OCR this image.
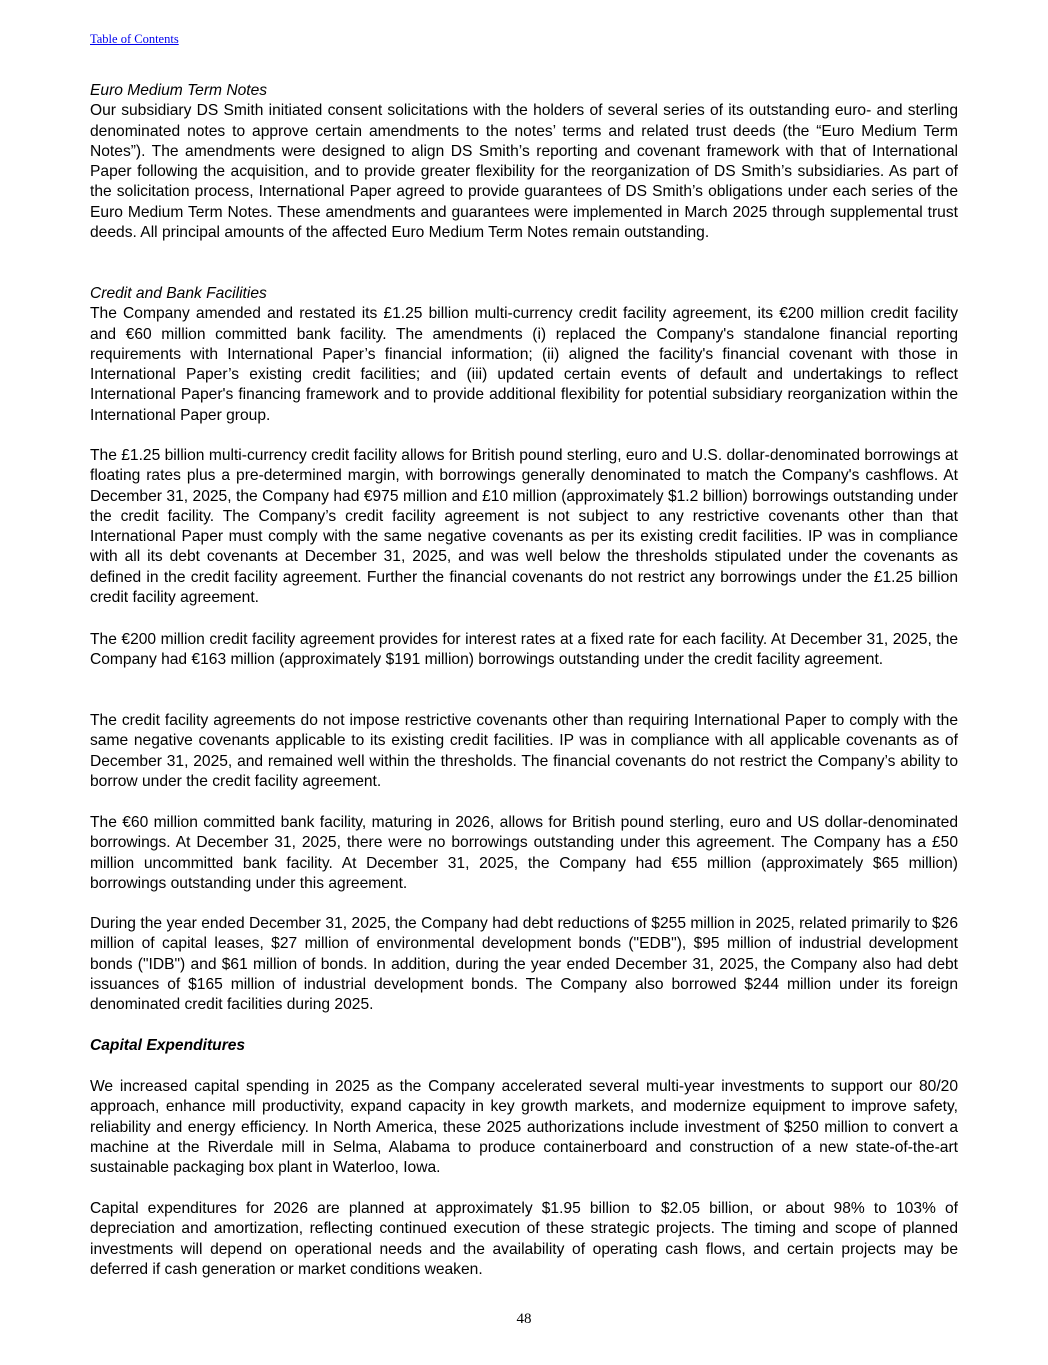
Table of Contents

Euro Medium Term Notes

Our subsidiary DS Smith initiated consent solicitations with the holders of several series of its outstanding euro- and sterling denominated notes to approve certain amendments to the notes’ terms and related trust deeds (the “Euro Medium Term Notes”). The amendments were designed to align DS Smith’s reporting and covenant framework with that of International Paper following the acquisition, and to provide greater flexibility for the reorganization of DS Smith’s subsidiaries. As part of the solicitation process, International Paper agreed to provide guarantees of DS Smith’s obligations under each series of the Euro Medium Term Notes. These amendments and guarantees were implemented in March 2025 through supplemental trust deeds. All principal amounts of the affected Euro Medium Term Notes remain outstanding.

Credit and Bank Facilities

The Company amended and restated its £1.25 billion multi-currency credit facility agreement, its €200 million credit facility and €60 million committed bank facility. The amendments (i) replaced the Company's standalone financial reporting requirements with International Paper’s financial information; (ii) aligned the facility's financial covenant with those in International Paper’s existing credit facilities; and (iii) updated certain events of default and undertakings to reflect International Paper's financing framework and to provide additional flexibility for potential subsidiary reorganization within the International Paper group.

The £1.25 billion multi-currency credit facility allows for British pound sterling, euro and U.S. dollar-denominated borrowings at floating rates plus a pre-determined margin, with borrowings generally denominated to match the Company's cashflows. At December 31, 2025, the Company had €975 million and £10 million (approximately $1.2 billion) borrowings outstanding under the credit facility. The Company’s credit facility agreement is not subject to any restrictive covenants other than that International Paper must comply with the same negative covenants as per its existing credit facilities. IP was in compliance with all its debt covenants at December 31, 2025, and was well below the thresholds stipulated under the covenants as defined in the credit facility agreement. Further the financial covenants do not restrict any borrowings under the £1.25 billion credit facility agreement.

The €200 million credit facility agreement provides for interest rates at a fixed rate for each facility. At December 31, 2025, the Company had €163 million (approximately $191 million) borrowings outstanding under the credit facility agreement.

The credit facility agreements do not impose restrictive covenants other than requiring International Paper to comply with the same negative covenants applicable to its existing credit facilities. IP was in compliance with all applicable covenants as of December 31, 2025, and remained well within the thresholds. The financial covenants do not restrict the Company’s ability to borrow under the credit facility agreement.

The €60 million committed bank facility, maturing in 2026, allows for British pound sterling, euro and US dollar-denominated borrowings. At December 31, 2025, there were no borrowings outstanding under this agreement. The Company has a £50 million uncommitted bank facility. At December 31, 2025, the Company had €55 million (approximately $65 million) borrowings outstanding under this agreement.

During the year ended December 31, 2025, the Company had debt reductions of $255 million in 2025, related primarily to $26 million of capital leases, $27 million of environmental development bonds ("EDB"), $95 million of industrial development bonds ("IDB") and $61 million of bonds. In addition, during the year ended December 31, 2025, the Company also had debt issuances of $165 million of industrial development bonds. The Company also borrowed $244 million under its foreign denominated credit facilities during 2025.

Capital Expenditures

We increased capital spending in 2025 as the Company accelerated several multi-year investments to support our 80/20 approach, enhance mill productivity, expand capacity in key growth markets, and modernize equipment to improve safety, reliability and energy efficiency. In North America, these 2025 authorizations include investment of $250 million to convert a machine at the Riverdale mill in Selma, Alabama to produce containerboard and construction of a new state-of-the-art sustainable packaging box plant in Waterloo, Iowa.

Capital expenditures for 2026 are planned at approximately $1.95 billion to $2.05 billion, or about 98% to 103% of depreciation and amortization, reflecting continued execution of these strategic projects. The timing and scope of planned investments will depend on operational needs and the availability of operating cash flows, and certain projects may be deferred if cash generation or market conditions weaken.

48
